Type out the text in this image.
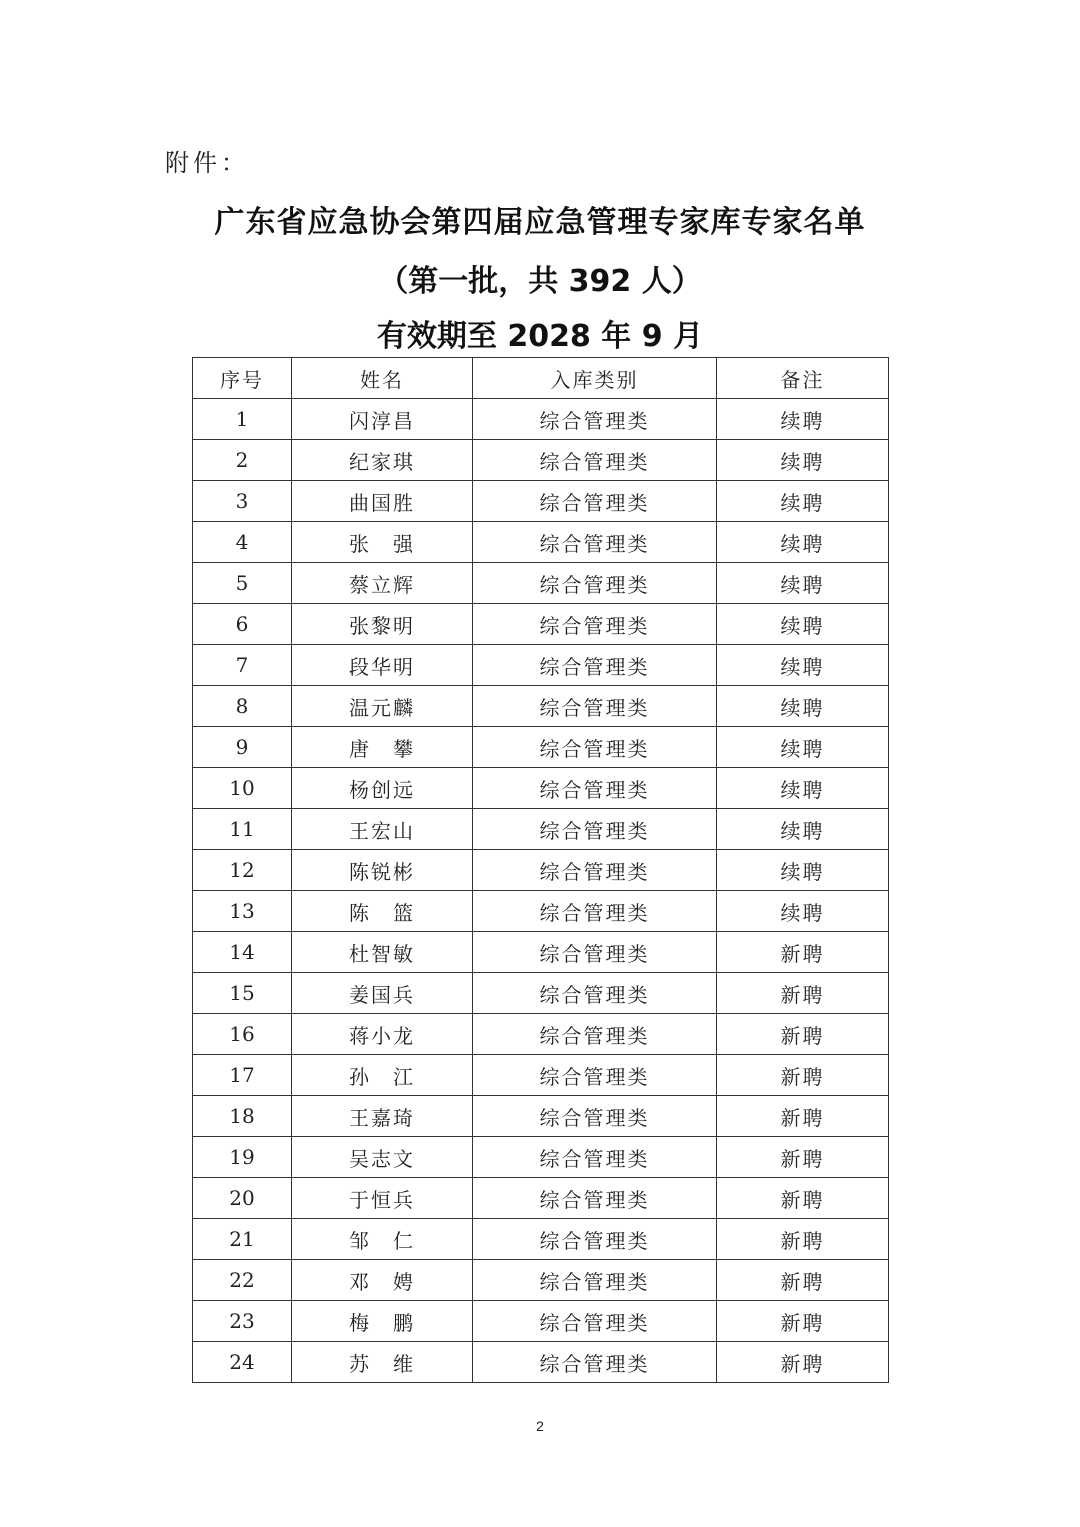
附件：
广东省应急协会第四届应急管理专家库专家名单
（第一批，共 392 人）
有效期至 2028 年 9 月
序号	姓名	入库类别	备注
1	闪淳昌	综合管理类	续聘
2	纪家琪	综合管理类	续聘
3	曲国胜	综合管理类	续聘
4	张　强	综合管理类	续聘
5	蔡立辉	综合管理类	续聘
6	张黎明	综合管理类	续聘
7	段华明	综合管理类	续聘
8	温元麟	综合管理类	续聘
9	唐　攀	综合管理类	续聘
10	杨创远	综合管理类	续聘
11	王宏山	综合管理类	续聘
12	陈锐彬	综合管理类	续聘
13	陈　篮	综合管理类	续聘
14	杜智敏	综合管理类	新聘
15	姜国兵	综合管理类	新聘
16	蒋小龙	综合管理类	新聘
17	孙　江	综合管理类	新聘
18	王嘉琦	综合管理类	新聘
19	吴志文	综合管理类	新聘
20	于恒兵	综合管理类	新聘
21	邹　仁	综合管理类	新聘
22	邓　娉	综合管理类	新聘
23	梅　鹏	综合管理类	新聘
24	苏　维	综合管理类	新聘
2
